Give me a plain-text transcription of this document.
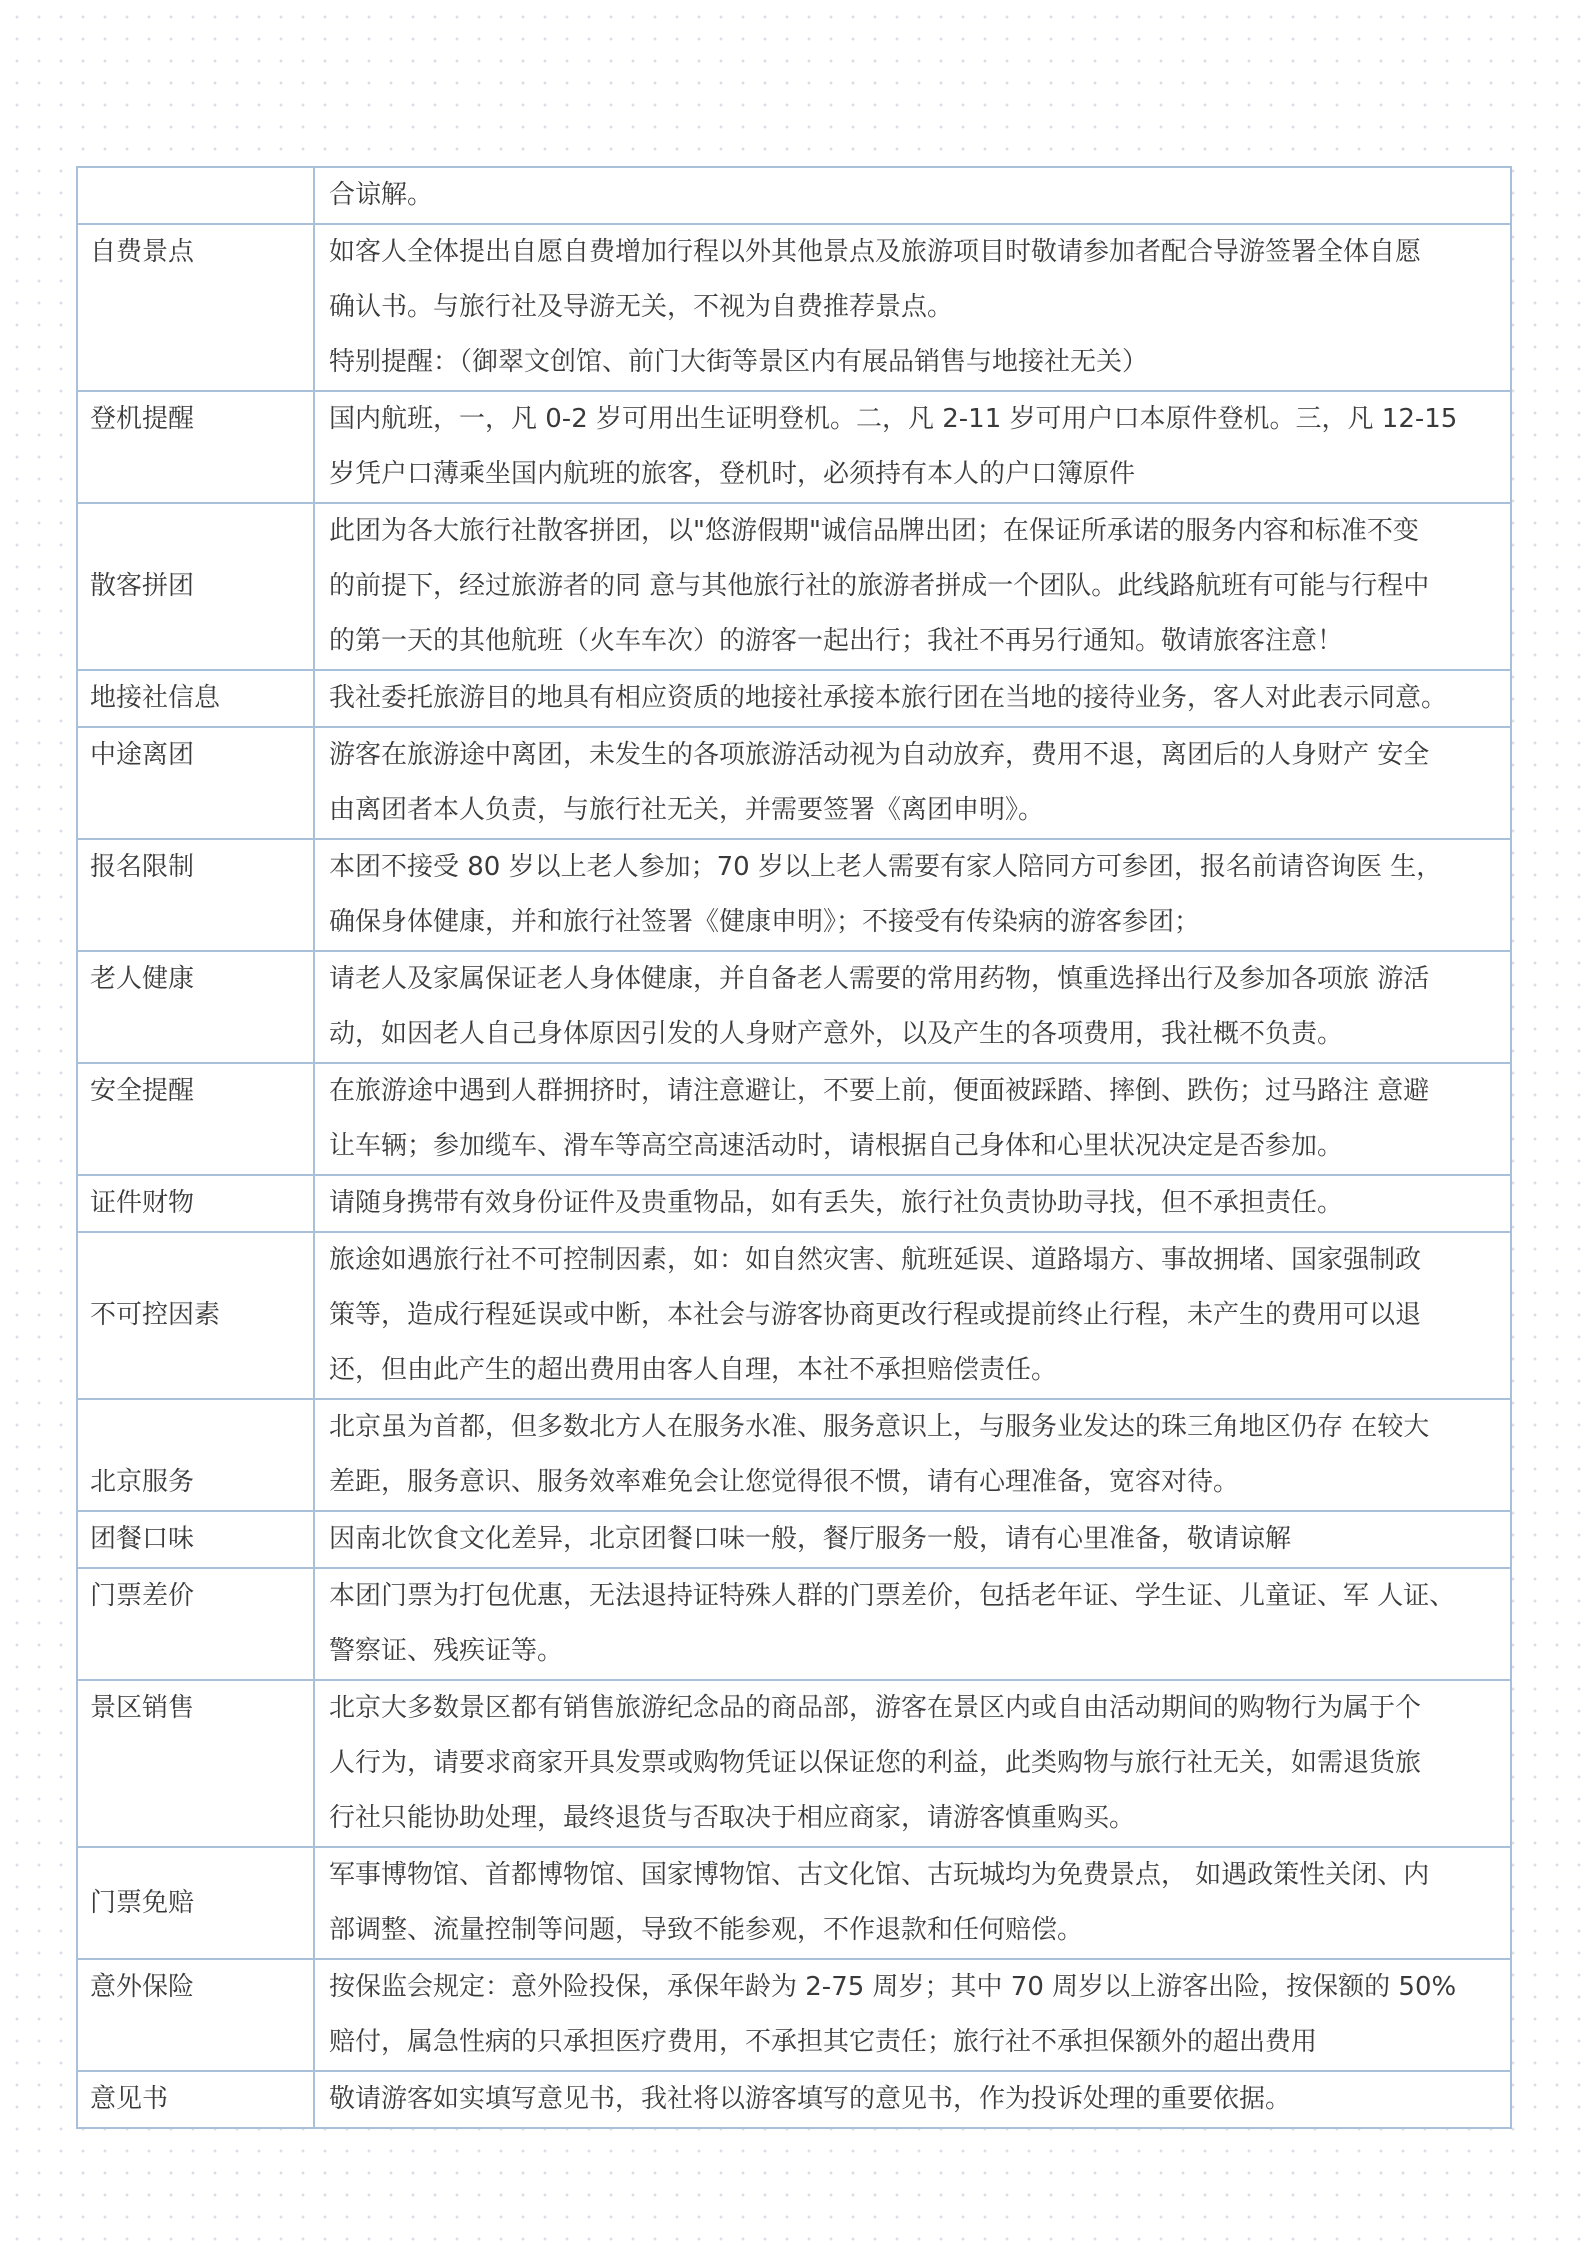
	合谅解。

自费景点	如客人全体提出自愿自费增加行程以外其他景点及旅游项目时敬请参加者配合导游签署全体自愿
确认书。与旅行社及导游无关，不视为自费推荐景点。
特别提醒：（御翠文创馆、前门大街等景区内有展品销售与地接社无关）

登机提醒	国内航班，一，凡 0-2 岁可用出生证明登机。二，凡 2-11 岁可用户口本原件登机。三，凡 12-15
岁凭户口薄乘坐国内航班的旅客，登机时，必须持有本人的户口簿原件

散客拼团	此团为各大旅行社散客拼团，以"悠游假期"诚信品牌出团；在保证所承诺的服务内容和标准不变
的前提下，经过旅游者的同 意与其他旅行社的旅游者拼成一个团队。此线路航班有可能与行程中
的第一天的其他航班（火车车次）的游客一起出行；我社不再另行通知。敬请旅客注意！

地接社信息	我社委托旅游目的地具有相应资质的地接社承接本旅行团在当地的接待业务，客人对此表示同意。

中途离团	游客在旅游途中离团，未发生的各项旅游活动视为自动放弃，费用不退，离团后的人身财产 安全
由离团者本人负责，与旅行社无关，并需要签署《离团申明》。

报名限制	本团不接受 80 岁以上老人参加；70 岁以上老人需要有家人陪同方可参团，报名前请咨询医 生，
确保身体健康，并和旅行社签署《健康申明》；不接受有传染病的游客参团；

老人健康	请老人及家属保证老人身体健康，并自备老人需要的常用药物，慎重选择出行及参加各项旅 游活
动，如因老人自己身体原因引发的人身财产意外，以及产生的各项费用，我社概不负责。

安全提醒	在旅游途中遇到人群拥挤时，请注意避让，不要上前，便面被踩踏、摔倒、跌伤；过马路注 意避
让车辆；参加缆车、滑车等高空高速活动时，请根据自己身体和心里状况决定是否参加。

证件财物	请随身携带有效身份证件及贵重物品，如有丢失，旅行社负责协助寻找，但不承担责任。

不可控因素	旅途如遇旅行社不可控制因素，如：如自然灾害、航班延误、道路塌方、事故拥堵、国家强制政
策等，造成行程延误或中断，本社会与游客协商更改行程或提前终止行程，未产生的费用可以退
还，但由此产生的超出费用由客人自理，本社不承担赔偿责任。

北京服务	北京虽为首都，但多数北方人在服务水准、服务意识上，与服务业发达的珠三角地区仍存 在较大
差距，服务意识、服务效率难免会让您觉得很不惯，请有心理准备，宽容对待。

团餐口味	因南北饮食文化差异，北京团餐口味一般，餐厅服务一般，请有心里准备，敬请谅解

门票差价	本团门票为打包优惠，无法退持证特殊人群的门票差价，包括老年证、学生证、儿童证、军 人证、
警察证、残疾证等。

景区销售	北京大多数景区都有销售旅游纪念品的商品部，游客在景区内或自由活动期间的购物行为属于个
人行为，请要求商家开具发票或购物凭证以保证您的利益，此类购物与旅行社无关，如需退货旅
行社只能协助处理，最终退货与否取决于相应商家，请游客慎重购买。

门票免赔	军事博物馆、首都博物馆、国家博物馆、古文化馆、古玩城均为免费景点， 如遇政策性关闭、内
部调整、流量控制等问题，导致不能参观，不作退款和任何赔偿。

意外保险	按保监会规定：意外险投保，承保年龄为 2-75 周岁；其中 70 周岁以上游客出险，按保额的 50%
赔付，属急性病的只承担医疗费用，不承担其它责任；旅行社不承担保额外的超出费用

意见书	敬请游客如实填写意见书，我社将以游客填写的意见书，作为投诉处理的重要依据。
